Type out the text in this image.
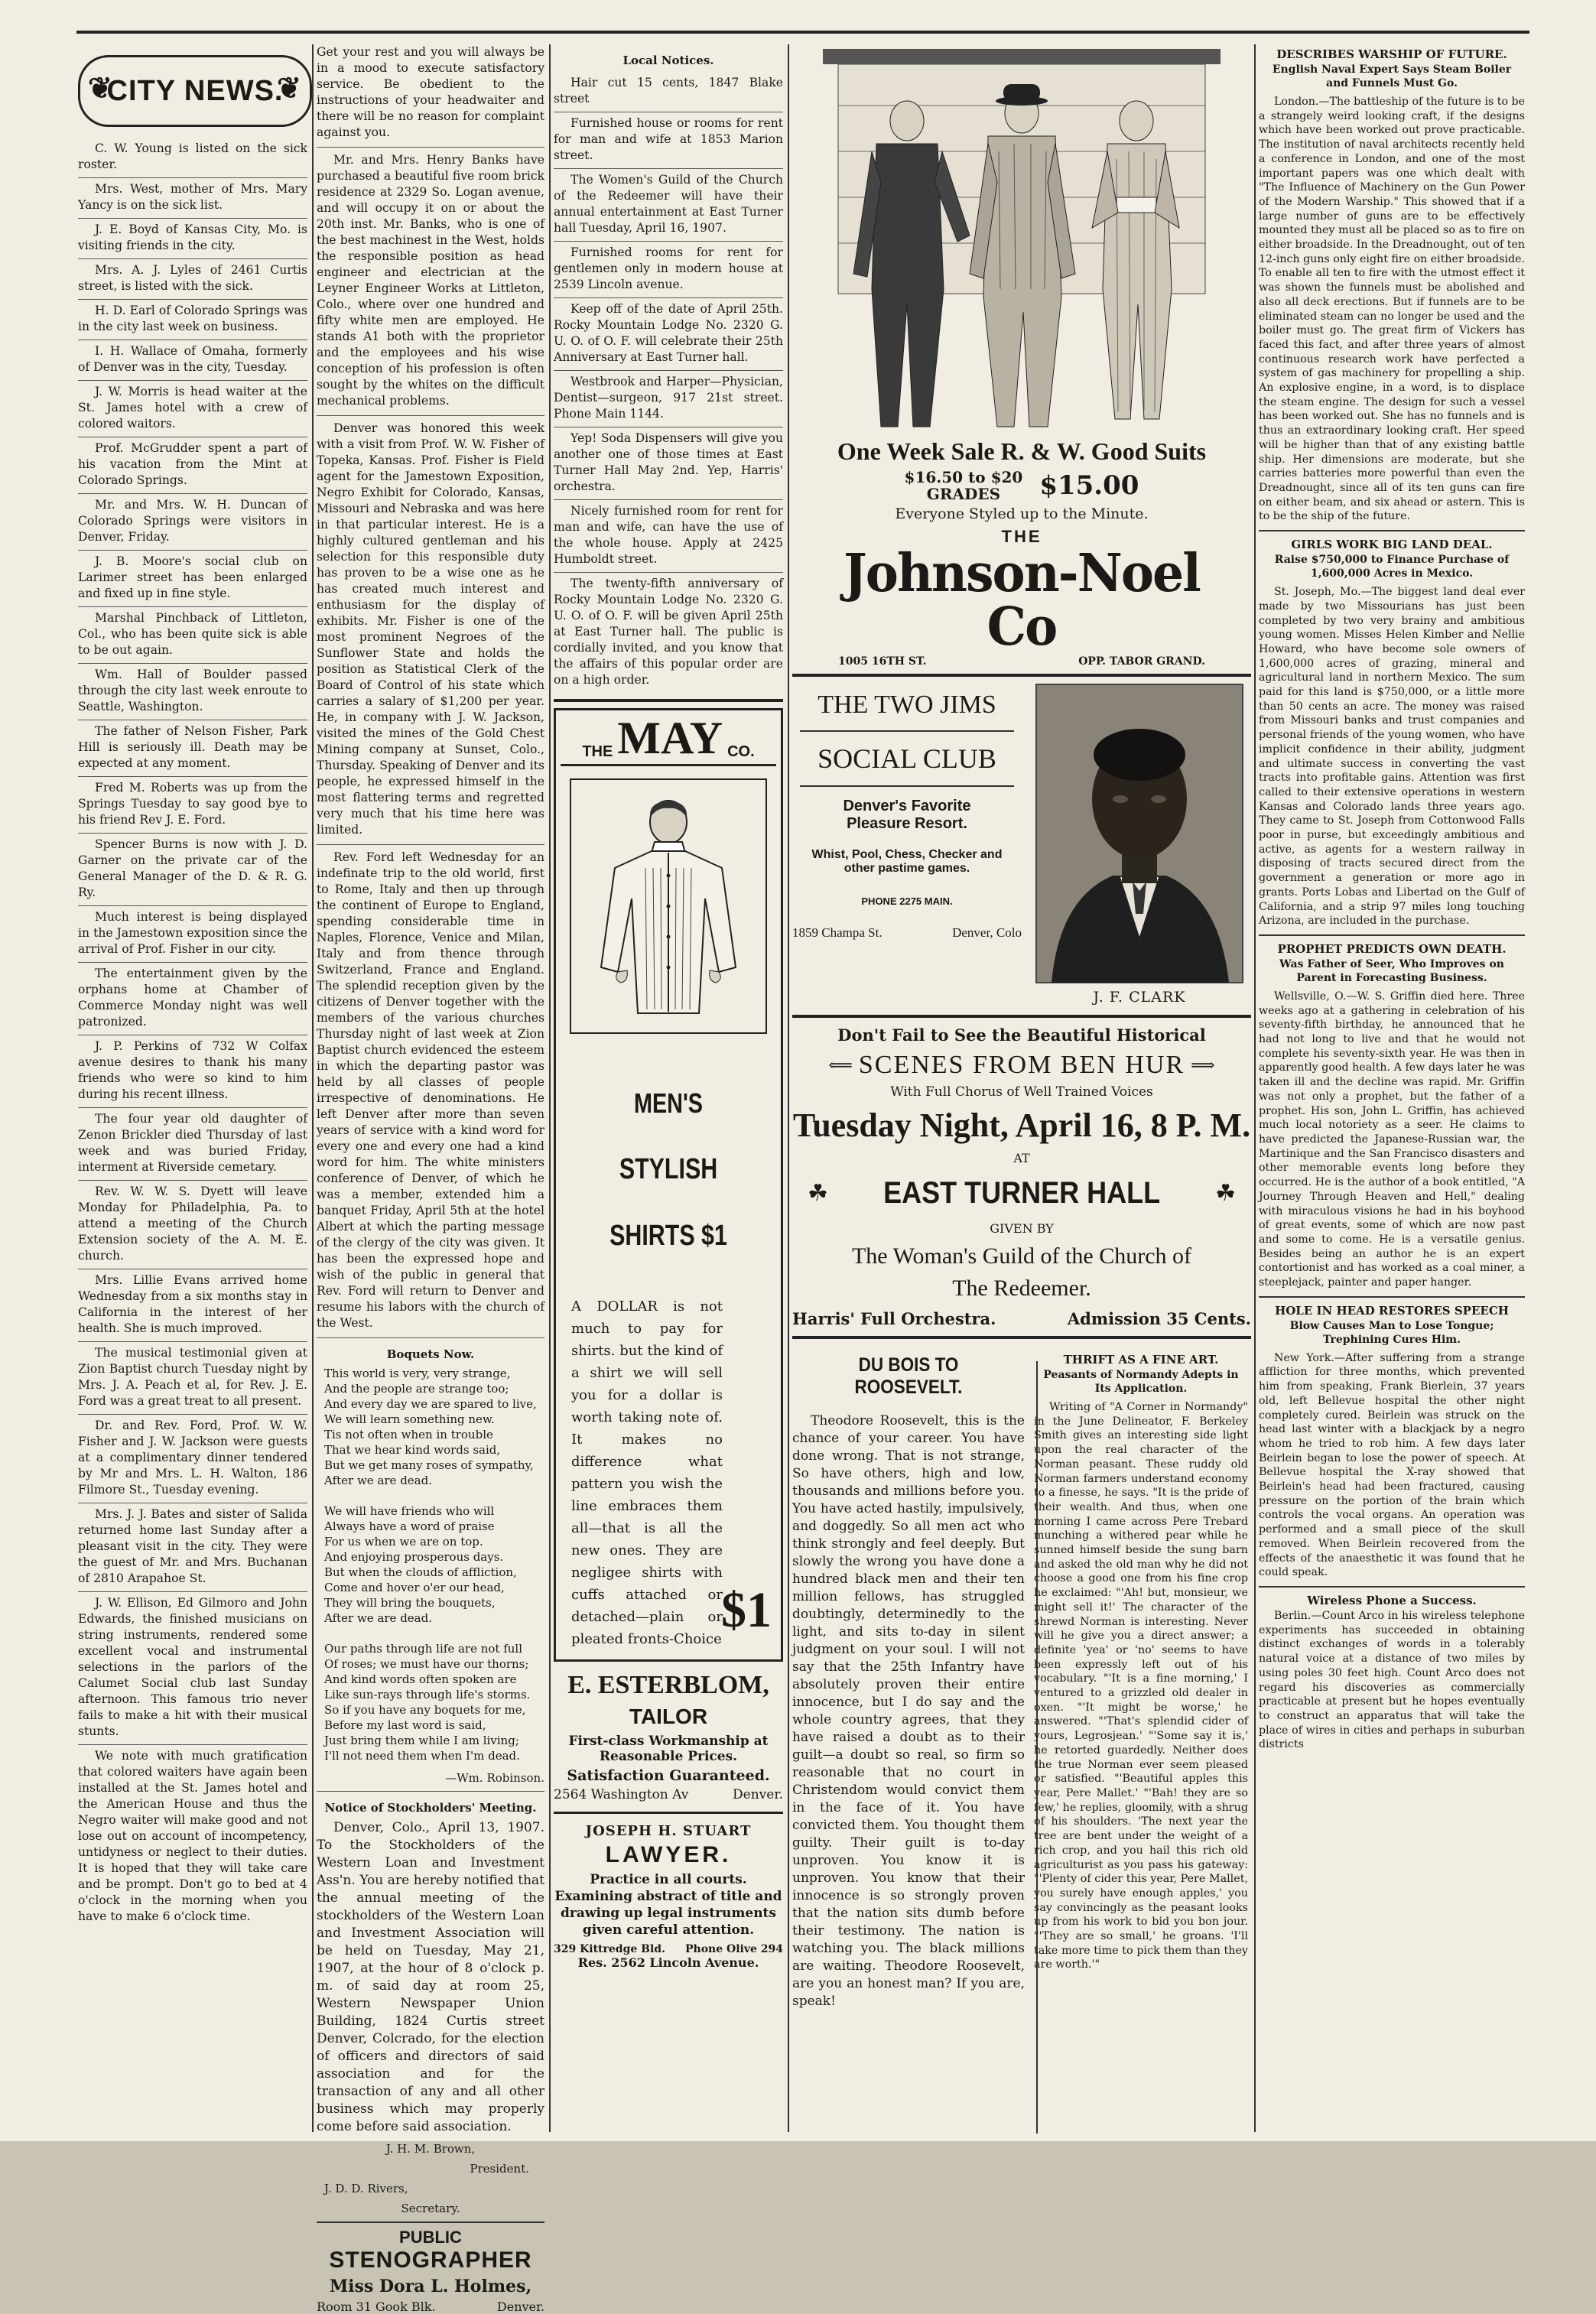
❦
CITY NEWS.
❦

C. W. Young is listed on the sick roster.

Mrs. West, mother of Mrs. Mary Yancy is on the sick list.

J. E. Boyd of Kansas City, Mo. is visiting friends in the city.

Mrs. A. J. Lyles of 2461 Curtis street, is listed with the sick.

H. D. Earl of Colorado Springs was in the city last week on business.

I. H. Wallace of Omaha, formerly of Denver was in the city, Tuesday.

J. W. Morris is head waiter at the St. James hotel with a crew of colored waitors.

Prof. McGrudder spent a part of his vacation from the Mint at Colorado Springs.

Mr. and Mrs. W. H. Duncan of Colorado Springs were visitors in Denver, Friday.

J. B. Moore's social club on Larimer street has been enlarged and fixed up in fine style.

Marshal Pinchback of Littleton, Col., who has been quite sick is able to be out again.

Wm. Hall of Boulder passed through the city last week enroute to Seattle, Washington.

The father of Nelson Fisher, Park Hill is seriously ill. Death may be expected at any moment.

Fred M. Roberts was up from the Springs Tuesday to say good bye to his friend Rev J. E. Ford.

Spencer Burns is now with J. D. Garner on the private car of the General Manager of the D. & R. G. Ry.

Much interest is being displayed in the Jamestown exposition since the arrival of Prof. Fisher in our city.

The entertainment given by the orphans home at Chamber of Commerce Monday night was well patronized.

J. P. Perkins of 732 W Colfax avenue desires to thank his many friends who were so kind to him during his recent illness.

The four year old daughter of Zenon Brickler died Thursday of last week and was buried Friday, interment at Riverside cemetary.

Rev. W. W. S. Dyett will leave Monday for Philadelphia, Pa. to attend a meeting of the Church Extension society of the A. M. E. church.

Mrs. Lillie Evans arrived home Wednesday from a six months stay in California in the interest of her health. She is much improved.

The musical testimonial given at Zion Baptist church Tuesday night by Mrs. J. A. Peach et al, for Rev. J. E. Ford was a great treat to all present.

Dr. and Rev. Ford, Prof. W. W. Fisher and J. W. Jackson were guests at a complimentary dinner tendered by Mr and Mrs. L. H. Walton, 186 Filmore St., Tuesday evening.

Mrs. J. J. Bates and sister of Salida returned home last Sunday after a pleasant visit in the city. They were the guest of Mr. and Mrs. Buchanan of 2810 Arapahoe St.

J. W. Ellison, Ed Gilmoro and John Edwards, the finished musicians on string instruments, rendered some excellent vocal and instrumental selections in the parlors of the Calumet Social club last Sunday afternoon. This famous trio never fails to make a hit with their musical stunts.

We note with much gratification that colored waiters have again been installed at the St. James hotel and the American House and thus the Negro waiter will make good and not lose out on account of incompetency, untidyness or neglect to their duties. It is hoped that they will take care and be prompt. Don't go to bed at 4 o'clock in the morning when you have to make 6 o'clock time.

Get your rest and you will always be in a mood to execute satisfactory service. Be obedient to the instructions of your headwaiter and there will be no reason for complaint against you.

Mr. and Mrs. Henry Banks have purchased a beautiful five room brick residence at 2329 So. Logan avenue, and will occupy it on or about the 20th inst. Mr. Banks, who is one of the best machinest in the West, holds the responsible position as head engineer and electrician at the Leyner Engineer Works at Littleton, Colo., where over one hundred and fifty white men are employed. He stands A1 both with the proprietor and the employees and his wise conception of his profession is often sought by the whites on the difficult mechanical problems.

Denver was honored this week with a visit from Prof. W. W. Fisher of Topeka, Kansas. Prof. Fisher is Field agent for the Jamestown Exposition, Negro Exhibit for Colorado, Kansas, Missouri and Nebraska and was here in that particular interest. He is a highly cultured gentleman and his selection for this responsible duty has proven to be a wise one as he has created much interest and enthusiasm for the display of exhibits. Mr. Fisher is one of the most prominent Negroes of the Sunflower State and holds the position as Statistical Clerk of the Board of Control of his state which carries a salary of $1,200 per year. He, in company with J. W. Jackson, visited the mines of the Gold Chest Mining company at Sunset, Colo., Thursday. Speaking of Denver and its people, he expressed himself in the most flattering terms and regretted very much that his time here was limited.

Rev. Ford left Wednesday for an indefinate trip to the old world, first to Rome, Italy and then up through the continent of Europe to England, spending considerable time in Naples, Florence, Venice and Milan, Italy and from thence through Switzerland, France and England. The splendid reception given by the citizens of Denver together with the members of the various churches Thursday night of last week at Zion Baptist church evidenced the esteem in which the departing pastor was held by all classes of people irrespective of denominations. He left Denver after more than seven years of service with a kind word for every one and every one had a kind word for him. The white ministers conference of Denver, of which he was a member, extended him a banquet Friday, April 5th at the hotel Albert at which the parting message of the clergy of the city was given. It has been the expressed hope and wish of the public in general that Rev. Ford will return to Denver and resume his labors with the church of the West.

Boquets Now.

This world is very, very strange,
And the people are strange too;
And every day we are spared to live,
We will learn something new.
Tis not often when in trouble
That we hear kind words said,
But we get many roses of sympathy,
After we are dead.

We will have friends who will
Always have a word of praise
For us when we are on top.
And enjoying prosperous days.
But when the clouds of affliction,
Come and hover o'er our head,
They will bring the bouquets,
After we are dead.

Our paths through life are not full
Of roses; we must have our thorns;
And kind words often spoken are
Like sun-rays through life's storms.
So if you have any boquets for me,
Before my last word is said,
Just bring them while I am living;
I'll not need them when I'm dead.

—Wm. Robinson.

Notice of Stockholders' Meeting.

Denver, Colo., April 13, 1907. To the Stockholders of the Western Loan and Investment Ass'n. You are hereby notified that the annual meeting of the stockholders of the Western Loan and Investment Association will be held on Tuesday, May 21, 1907, at the hour of 8 o'clock p. m. of said day at room 25, Western Newspaper Union Building, 1824 Curtis street Denver, Colcrado, for the election of officers and directors of said association and for the transaction of any and all other business which may properly come before said association.

J. H. M. Brown,

President.

J. D. D. Rivers,

Secretary.

PUBLIC
STENOGRAPHER
Miss Dora L. Holmes,
Room 31 Gook Blk.	Denver.

Local Notices.

Hair cut 15 cents, 1847 Blake street

Furnished house or rooms for rent for man and wife at 1853 Marion street.

The Women's Guild of the Church of the Redeemer will have their annual entertainment at East Turner hall Tuesday, April 16, 1907.

Furnished rooms for rent for gentlemen only in modern house at 2539 Lincoln avenue.

Keep off of the date of April 25th. Rocky Mountain Lodge No. 2320 G. U. O. of O. F. will celebrate their 25th Anniversary at East Turner hall.

Westbrook and Harper—Physician, Dentist—surgeon, 917 21st street. Phone Main 1144.

Yep! Soda Dispensers will give you another one of those times at East Turner Hall May 2nd. Yep, Harris' orchestra.

Nicely furnished room for rent for man and wife, can have the use of the whole house. Apply at 2425 Humboldt street.

The twenty-fifth anniversary of Rocky Mountain Lodge No. 2320 G. U. O. of O. F. will be given April 25th at East Turner hall. The public is cordially invited, and you know that the affairs of this popular order are on a high order.

THE MAY CO.
MEN'S
STYLISH
SHIRTS $1

A DOLLAR is not much to pay for shirts. but the kind of a shirt we will sell you for a dollar is worth taking note of. It makes no difference what pattern you wish the line embraces them all—that is all the new ones. They are negligee shirts with cuffs attached or detached—plain or pleated fronts-Choice

$1
E. ESTERBLOM,
TAILOR
First-class Workmanship at Reasonable Prices.
Satisfaction Guaranteed.
2564 Washington Av	Denver.
JOSEPH H. STUART
LAWYER.
Practice in all courts. Examining abstract of title and drawing up legal instruments given careful attention.
329 Kittredge Bld. Phone Olive 294
Res. 2562 Lincoln Avenue.
One Week Sale R. & W. Good Suits
$16.50 to $20
GRADES	$15.00
Everyone Styled up to the Minute.
THE
Johnson-Noel Co
1005 16TH ST.	OPP. TABOR GRAND.
THE TWO JIMS
SOCIAL CLUB
Denver's Favorite Pleasure Resort.
Whist, Pool, Chess, Checker and other pastime games.
PHONE 2275 MAIN.
1859 Champa St.	Denver, Colo
J. F. CLARK
Don't Fail to See the Beautiful Historical
⟸ SCENES FROM BEN HUR ⟹
With Full Chorus of Well Trained Voices
Tuesday Night, April 16, 8 P. M.
AT
☘ EAST TURNER HALL ☘
GIVEN BY
The Woman's Guild of the Church of
The Redeemer.
Harris' Full Orchestra.	Admission 35 Cents.
DU BOIS TO ROOSEVELT.

Theodore Roosevelt, this is the chance of your career. You have done wrong. That is not strange, So have others, high and low, thousands and millions before you. You have acted hastily, impulsively, and doggedly. So all men act who think strongly and feel deeply. But slowly the wrong you have done a hundred black men and their ten million fellows, has struggled doubtingly, determinedly to the light, and sits to-day in silent judgment on your soul. I will not say that the 25th Infantry have absolutely proven their entire innocence, but I do say and the whole country agrees, that they have raised a doubt as to their guilt—a doubt so real, so firm so reasonable that no court in Christendom would convict them in the face of it. You have convicted them. You thought them guilty. Their guilt is to-day unproven. You know it is unproven. You know that their innocence is so strongly proven that the nation sits dumb before their testimony. The nation is watching you. The black millions are waiting. Theodore Roosevelt, are you an honest man? If you are, speak!

THRIFT AS A FINE ART.
Peasants of Normandy Adepts in Its Application.

Writing of "A Corner in Normandy" in the June Delineator, F. Berkeley Smith gives an interesting side light upon the real character of the Norman peasant. These ruddy old Norman farmers understand economy to a finesse, he says. "It is the pride of their wealth. And thus, when one morning I came across Pere Trebard munching a withered pear while he sunned himself beside the sung barn and asked the old man why he did not choose a good one from his fine crop he exclaimed: "'Ah! but, monsieur, we might sell it!' The character of the shrewd Norman is interesting. Never will he give you a direct answer; a definite 'yea' or 'no' seems to have been expressly left out of his vocabulary. "'It is a fine morning,' I ventured to a grizzled old dealer in oxen. "'It might be worse,' he answered. "'That's splendid cider of yours, Legrosjean.' "'Some say it is,' he retorted guardedly. Neither does the true Norman ever seem pleased or satisfied. "'Beautiful apples this year, Pere Mallet.' "'Bah! they are so few,' he replies, gloomily, with a shrug of his shoulders. 'The next year the tree are bent under the weight of a rich crop, and you hail this rich old agriculturist as you pass his gateway: "'Plenty of cider this year, Pere Mallet, you surely have enough apples,' you say convincingly as the peasant looks up from his work to bid you bon jour. "'They are so small,' he groans. 'I'll take more time to pick them than they are worth.'"

DESCRIBES WARSHIP OF FUTURE.
English Naval Expert Says Steam Boiler and Funnels Must Go.

London.—The battleship of the future is to be a strangely weird looking craft, if the designs which have been worked out prove practicable. The institution of naval architects recently held a conference in London, and one of the most important papers was one which dealt with "The Influence of Machinery on the Gun Power of the Modern Warship." This showed that if a large number of guns are to be effectively mounted they must all be placed so as to fire on either broadside. In the Dreadnought, out of ten 12-inch guns only eight fire on either broadside. To enable all ten to fire with the utmost effect it was shown the funnels must be abolished and also all deck erections. But if funnels are to be eliminated steam can no longer be used and the boiler must go. The great firm of Vickers has faced this fact, and after three years of almost continuous research work have perfected a system of gas machinery for propelling a ship. An explosive engine, in a word, is to displace the steam engine. The design for such a vessel has been worked out. She has no funnels and is thus an extraordinary looking craft. Her speed will be higher than that of any existing battle ship. Her dimensions are moderate, but she carries batteries more powerful than even the Dreadnought, since all of its ten guns can fire on either beam, and six ahead or astern. This is to be the ship of the future.

GIRLS WORK BIG LAND DEAL.
Raise $750,000 to Finance Purchase of 1,600,000 Acres in Mexico.

St. Joseph, Mo.—The biggest land deal ever made by two Missourians has just been completed by two very brainy and ambitious young women. Misses Helen Kimber and Nellie Howard, who have become sole owners of 1,600,000 acres of grazing, mineral and agricultural land in northern Mexico. The sum paid for this land is $750,000, or a little more than 50 cents an acre. The money was raised from Missouri banks and trust companies and personal friends of the young women, who have implicit confidence in their ability, judgment and ultimate success in converting the vast tracts into profitable gains. Attention was first called to their extensive operations in western Kansas and Colorado lands three years ago. They came to St. Joseph from Cottonwood Falls poor in purse, but exceedingly ambitious and active, as agents for a western railway in disposing of tracts secured direct from the government a generation or more ago in grants. Ports Lobas and Libertad on the Gulf of California, and a strip 97 miles long touching Arizona, are included in the purchase.

PROPHET PREDICTS OWN DEATH.
Was Father of Seer, Who Improves on Parent in Forecasting Business.

Wellsville, O.—W. S. Griffin died here. Three weeks ago at a gathering in celebration of his seventy-fifth birthday, he announced that he had not long to live and that he would not complete his seventy-sixth year. He was then in apparently good health. A few days later he was taken ill and the decline was rapid. Mr. Griffin was not only a prophet, but the father of a prophet. His son, John L. Griffin, has achieved much local notoriety as a seer. He claims to have predicted the Japanese-Russian war, the Martinique and the San Francisco disasters and other memorable events long before they occurred. He is the author of a book entitled, "A Journey Through Heaven and Hell," dealing with miraculous visions he had in his boyhood of great events, some of which are now past and some to come. He is a versatile genius. Besides being an author he is an expert contortionist and has worked as a coal miner, a steeplejack, painter and paper hanger.

HOLE IN HEAD RESTORES SPEECH
Blow Causes Man to Lose Tongue; Trephining Cures Him.

New York.—After suffering from a strange affliction for three months, which prevented him from speaking, Frank Bierlein, 37 years old, left Bellevue hospital the other night completely cured. Beirlein was struck on the head last winter with a blackjack by a negro whom he tried to rob him. A few days later Beirlein began to lose the power of speech. At Bellevue hospital the X-ray showed that Beirlein's head had been fractured, causing pressure on the portion of the brain which controls the vocal organs. An operation was performed and a small piece of the skull removed. When Beirlein recovered from the effects of the anaesthetic it was found that he could speak.

Wireless Phone a Success.

Berlin.—Count Arco in his wireless telephone experiments has succeeded in obtaining distinct exchanges of words in a tolerably natural voice at a distance of two miles by using poles 30 feet high. Count Arco does not regard his discoveries as commercially practicable at present but he hopes eventually to construct an apparatus that will take the place of wires in cities and perhaps in suburban districts
